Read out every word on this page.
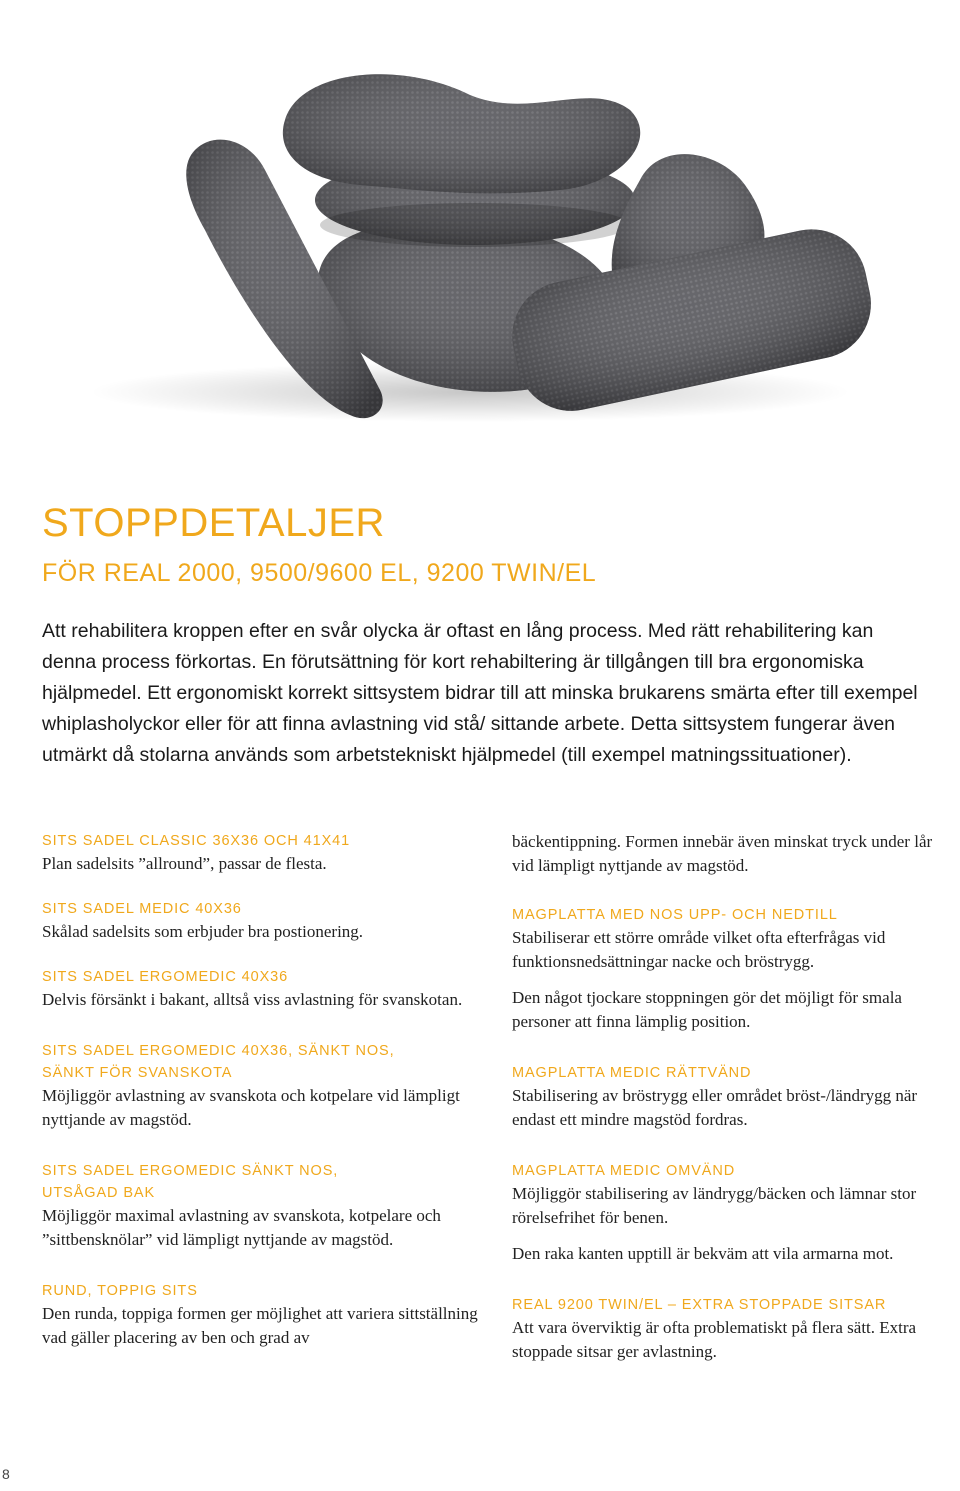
STOPPDETALJER
FÖR REAL 2000, 9500/9600 EL, 9200 TWIN/EL

Att rehabilitera kroppen efter en svår olycka är oftast en lång process. Med rätt rehabilitering kan denna process förkortas. En förutsättning för kort rehabiltering är tillgången till bra ergonomiska hjälpmedel. Ett ergonomiskt korrekt sittsystem bidrar till att minska brukarens smärta efter till exempel whiplasholyckor eller för att finna avlastning vid stå/ sittande arbete. Detta sittsystem fungerar även utmärkt då stolarna används som arbetstekniskt hjälpmedel (till exempel matningssituationer).

SITS SADEL CLASSIC 36X36 OCH 41X41

Plan sadelsits ”allround”, passar de flesta.

SITS SADEL MEDIC 40X36

Skålad sadelsits som erbjuder bra postionering.

SITS SADEL ERGOMEDIC 40X36

Delvis försänkt i bakant, alltså viss avlastning för svanskotan.

SITS SADEL ERGOMEDIC 40X36, SÄNKT NOS, SÄNKT FÖR SVANSKOTA

Möjliggör avlastning av svanskota och kotpelare vid lämpligt nyttjande av magstöd.

SITS SADEL ERGOMEDIC SÄNKT NOS, UTSÅGAD BAK

Möjliggör maximal avlastning av svanskota, kotpelare och ”sittbensknölar” vid lämpligt nyttjande av magstöd.

RUND, TOPPIG SITS

Den runda, toppiga formen ger möjlighet att variera sittställning vad gäller placering av ben och grad av

bäckentippning. Formen innebär även minskat tryck under lår vid lämpligt nyttjande av magstöd.

MAGPLATTA MED NOS UPP- OCH NEDTILL

Stabiliserar ett större område vilket ofta efterfrågas vid funktionsnedsättningar nacke och bröstrygg.

Den något tjockare stoppningen gör det möjligt för smala personer att finna lämplig position.

MAGPLATTA MEDIC RÄTTVÄND

Stabilisering av bröstrygg eller området bröst-/ländrygg när endast ett mindre magstöd fordras.

MAGPLATTA MEDIC OMVÄND

Möjliggör stabilisering av ländrygg/bäcken och lämnar stor rörelsefrihet för benen.

Den raka kanten upptill är bekväm att vila armarna mot.

REAL 9200 TWIN/EL – EXTRA STOPPADE SITSAR

Att vara överviktig är ofta problematiskt på flera sätt. Extra stoppade sitsar ger avlastning.

8
